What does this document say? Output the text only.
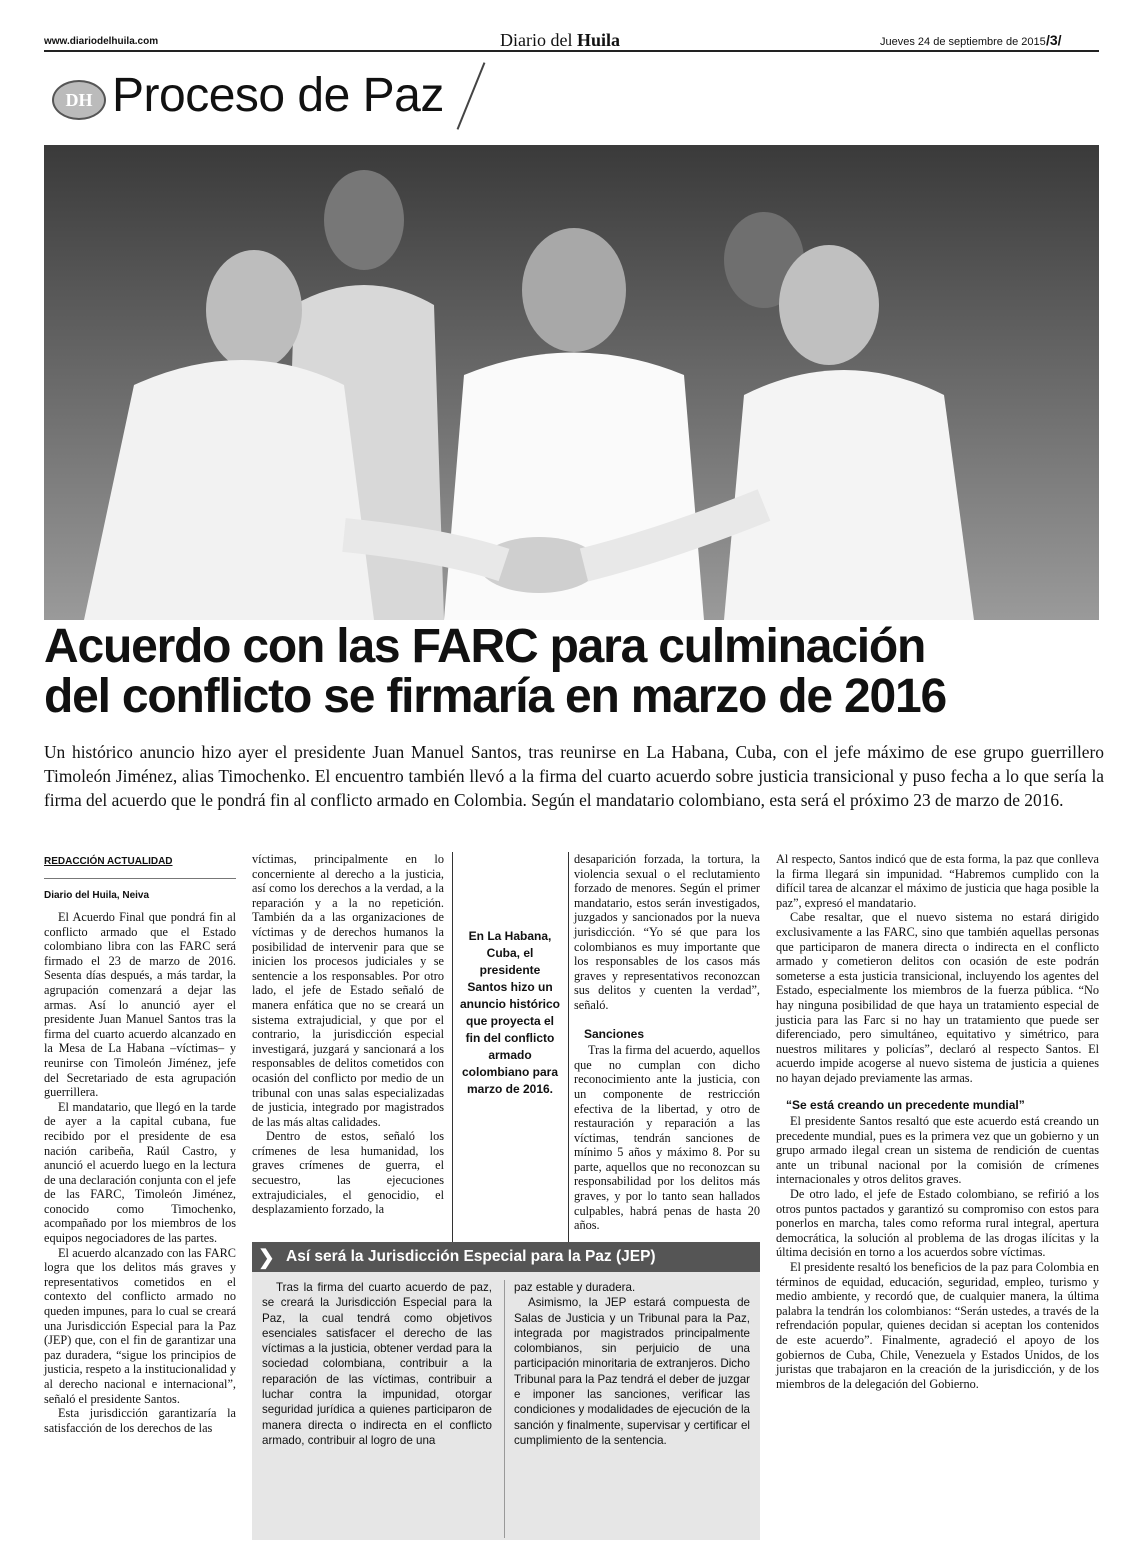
www.diariodelhuila.com	Diario del Huila	Jueves 24 de septiembre de 2015 /3/
DH Proceso de Paz
Acuerdo con las FARC para culminación
del conflicto se firmaría en marzo de 2016
Un histórico anuncio hizo ayer el presidente Juan Manuel Santos, tras reunirse en La Habana, Cuba, con el jefe máximo de ese grupo guerrillero Timoleón Jiménez, alias Timochenko. El encuentro también llevó a la firma del cuarto acuerdo sobre justicia transicional y puso fecha a lo que sería la firma del acuerdo que le pondrá fin al conflicto armado en Colombia. Según el mandatario colombiano, esta será el próximo 23 de marzo de 2016.
REDACCIÓN ACTUALIDAD
Diario del Huila, Neiva

El Acuerdo Final que pondrá fin al conflicto armado que el Estado colombiano libra con las FARC será firmado el 23 de marzo de 2016. Sesenta días después, a más tardar, la agrupación comenzará a dejar las armas. Así lo anunció ayer el presidente Juan Manuel Santos tras la firma del cuarto acuerdo alcanzado en la Mesa de La Habana –víctimas– y reunirse con Timoleón Jiménez, jefe del Secretariado de esta agrupación guerrillera.

El mandatario, que llegó en la tarde de ayer a la capital cubana, fue recibido por el presidente de esa nación caribeña, Raúl Castro, y anunció el acuerdo luego en la lectura de una declaración conjunta con el jefe de las FARC, Timoleón Jiménez, conocido como Timochenko, acompañado por los miembros de los equipos negociadores de las partes.

El acuerdo alcanzado con las FARC logra que los delitos más graves y representativos cometidos en el contexto del conflicto armado no queden impunes, para lo cual se creará una Jurisdicción Especial para la Paz (JEP) que, con el fin de garantizar una paz duradera, “sigue los principios de justicia, respeto a la institucionalidad y al derecho nacional e internacional”, señaló el presidente Santos.

Esta jurisdicción garantizaría la satisfacción de los derechos de las

víctimas, principalmente en lo concerniente al derecho a la justicia, así como los derechos a la verdad, a la reparación y a la no repetición. También da a las organizaciones de víctimas y de derechos humanos la posibilidad de intervenir para que se inicien los procesos judiciales y se sentencie a los responsables. Por otro lado, el jefe de Estado señaló de manera enfática que no se creará un sistema extrajudicial, y que por el contrario, la jurisdicción especial investigará, juzgará y sancionará a los responsables de delitos cometidos con ocasión del conflicto por medio de un tribunal con unas salas especializadas de justicia, integrado por magistrados de las más altas calidades.

Dentro de estos, señaló los crímenes de lesa humanidad, los graves crímenes de guerra, el secuestro, las ejecuciones extrajudiciales, el genocidio, el desplazamiento forzado, la

En La Habana, Cuba, el presidente Santos hizo un anuncio histórico que proyecta el fin del conflicto armado colombiano para marzo de 2016.

desaparición forzada, la tortura, la violencia sexual o el reclutamiento forzado de menores. Según el primer mandatario, estos serán investigados, juzgados y sancionados por la nueva jurisdicción. “Yo sé que para los colombianos es muy importante que los responsables de los casos más graves y representativos reconozcan sus delitos y cuenten la verdad”, señaló.

Sanciones

Tras la firma del acuerdo, aquellos que no cumplan con dicho reconocimiento ante la justicia, con un componente de restricción efectiva de la libertad, y otro de restauración y reparación a las víctimas, tendrán sanciones de mínimo 5 años y máximo 8. Por su parte, aquellos que no reconozcan su responsabilidad por los delitos más graves, y por lo tanto sean hallados culpables, habrá penas de hasta 20 años.

Al respecto, Santos indicó que de esta forma, la paz que conlleva la firma llegará sin impunidad. “Habremos cumplido con la difícil tarea de alcanzar el máximo de justicia que haga posible la paz”, expresó el mandatario.

Cabe resaltar, que el nuevo sistema no estará dirigido exclusivamente a las FARC, sino que también aquellas personas que participaron de manera directa o indirecta en el conflicto armado y cometieron delitos con ocasión de este podrán someterse a esta justicia transicional, incluyendo los agentes del Estado, especialmente los miembros de la fuerza pública. “No hay ninguna posibilidad de que haya un tratamiento especial de justicia para las Farc si no hay un tratamiento que puede ser diferenciado, pero simultáneo, equitativo y simétrico, para nuestros militares y policías”, declaró al respecto Santos. El acuerdo impide acogerse al nuevo sistema de justicia a quienes no hayan dejado previamente las armas.

“Se está creando un precedente mundial”

El presidente Santos resaltó que este acuerdo está creando un precedente mundial, pues es la primera vez que un gobierno y un grupo armado ilegal crean un sistema de rendición de cuentas ante un tribunal nacional por la comisión de crímenes internacionales y otros delitos graves.

De otro lado, el jefe de Estado colombiano, se refirió a los otros puntos pactados y garantizó su compromiso con estos para ponerlos en marcha, tales como reforma rural integral, apertura democrática, la solución al problema de las drogas ilícitas y la última decisión en torno a los acuerdos sobre víctimas.

El presidente resaltó los beneficios de la paz para Colombia en términos de equidad, educación, seguridad, empleo, turismo y medio ambiente, y recordó que, de cualquier manera, la última palabra la tendrán los colombianos: “Serán ustedes, a través de la refrendación popular, quienes decidan si aceptan los contenidos de este acuerdo”. Finalmente, agradeció el apoyo de los gobiernos de Cuba, Chile, Venezuela y Estados Unidos, de los juristas que trabajaron en la creación de la jurisdicción, y de los miembros de la delegación del Gobierno.

❯ Así será la Jurisdicción Especial para la Paz (JEP)

Tras la firma del cuarto acuerdo de paz, se creará la Jurisdicción Especial para la Paz, la cual tendrá como objetivos esenciales satisfacer el derecho de las víctimas a la justicia, obtener verdad para la sociedad colombiana, contribuir a la reparación de las víctimas, contribuir a luchar contra la impunidad, otorgar seguridad jurídica a quienes participaron de manera directa o indirecta en el conflicto armado, contribuir al logro de una

paz estable y duradera.

Asimismo, la JEP estará compuesta de Salas de Justicia y un Tribunal para la Paz, integrada por magistrados principalmente colombianos, sin perjuicio de una participación minoritaria de extranjeros. Dicho Tribunal para la Paz tendrá el deber de juzgar e imponer las sanciones, verificar las condiciones y modalidades de ejecución de la sanción y finalmente, supervisar y certificar el cumplimiento de la sentencia.
